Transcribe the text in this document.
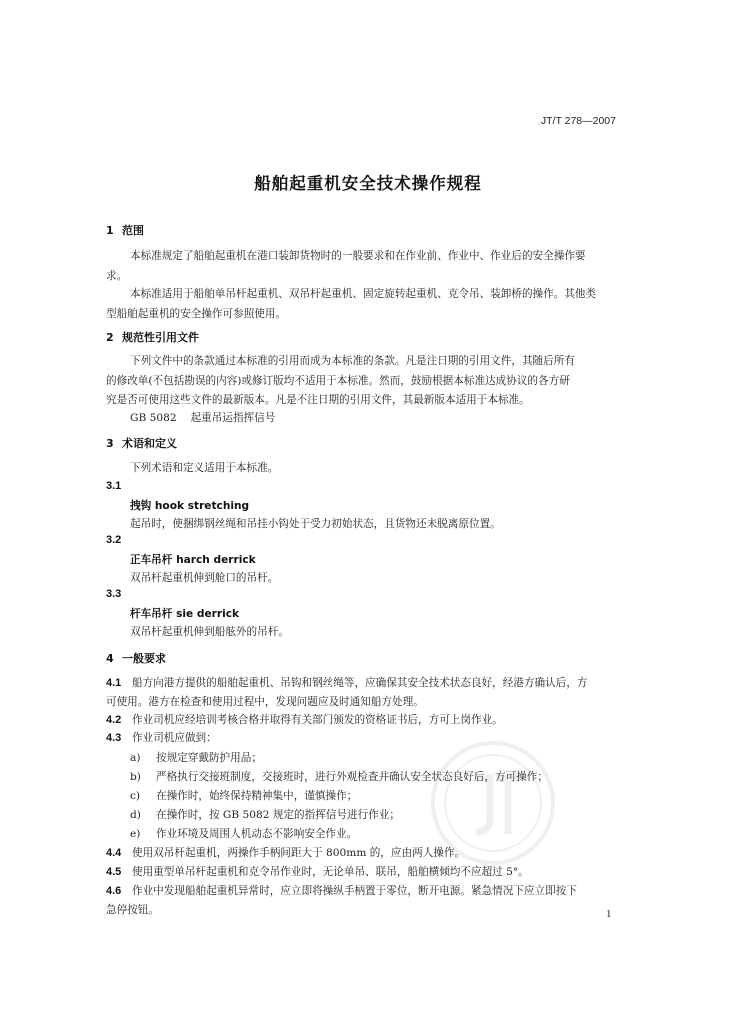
JT/T 278—2007
船舶起重机安全技术操作规程
1 范围
本标准规定了船舶起重机在港口装卸货物时的一般要求和在作业前、作业中、作业后的安全操作要
求。
本标准适用于船舶单吊杆起重机、双吊杆起重机、固定旋转起重机、克令吊、装卸桥的操作。其他类
型船舶起重机的安全操作可参照使用。
2 规范性引用文件
下列文件中的条款通过本标准的引用而成为本标准的条款。凡是注日期的引用文件，其随后所有
的修改单(不包括勘误的内容)或修订版均不适用于本标准。然而，鼓励根据本标准达成协议的各方研
究是否可使用这些文件的最新版本。凡是不注日期的引用文件，其最新版本适用于本标准。
GB 5082 起重吊运指挥信号
3 术语和定义
下列术语和定义适用于本标准。
3.1
拽钩 hook stretching
起吊时，使捆绑钢丝绳和吊挂小钩处于受力初始状态，且货物还未脱离原位置。
3.2
正车吊杆 harch derrick
双吊杆起重机伸到舱口的吊杆。
3.3
杆车吊杆 sie derrick
双吊杆起重机伸到船舷外的吊杆。
4 一般要求
4.1 船方向港方提供的船舶起重机、吊钩和钢丝绳等，应确保其安全技术状态良好，经港方确认后，方
可使用。港方在检查和使用过程中，发现问题应及时通知船方处理。
4.2 作业司机应经培训考核合格并取得有关部门颁发的资格证书后，方可上岗作业。
4.3 作业司机应做到：
a) 按规定穿戴防护用品；
b) 严格执行交接班制度，交接班时，进行外观检查并确认安全状态良好后，方可操作；
c) 在操作时，始终保持精神集中，谨慎操作；
d) 在操作时，按 GB 5082 规定的指挥信号进行作业；
e) 作业环境及周围人机动态不影响安全作业。
4.4 使用双吊杆起重机，两操作手柄间距大于 800mm 的，应由两人操作。
4.5 使用重型单吊杆起重机和克令吊作业时，无论单吊、联吊，船舶横倾均不应超过 5°。
4.6 作业中发现船舶起重机异常时，应立即将操纵手柄置于零位，断开电源。紧急情况下应立即按下
急停按钮。	1
